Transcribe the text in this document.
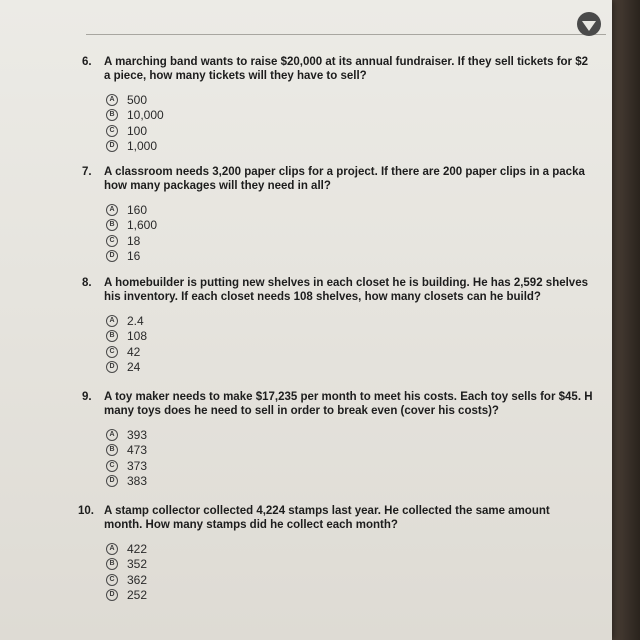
6.	A marching band wants to raise $20,000 at its annual fundraiser. If they sell tickets for $2
a piece, how many tickets will they have to sell?
A 500
B 10,000
C 100
D 1,000
7.	A classroom needs 3,200 paper clips for a project. If there are 200 paper clips in a packa
how many packages will they need in all?
A 160
B 1,600
C 18
D 16
8.	A homebuilder is putting new shelves in each closet he is building. He has 2,592 shelves
his inventory. If each closet needs 108 shelves, how many closets can he build?
A 2.4
B 108
C 42
D 24
9.	A toy maker needs to make $17,235 per month to meet his costs. Each toy sells for $45. H
many toys does he need to sell in order to break even (cover his costs)?
A 393
B 473
C 373
D 383
10. A stamp collector collected 4,224 stamps last year. He collected the same amount
month. How many stamps did he collect each month?
A 422
B 352
C 362
D 252
